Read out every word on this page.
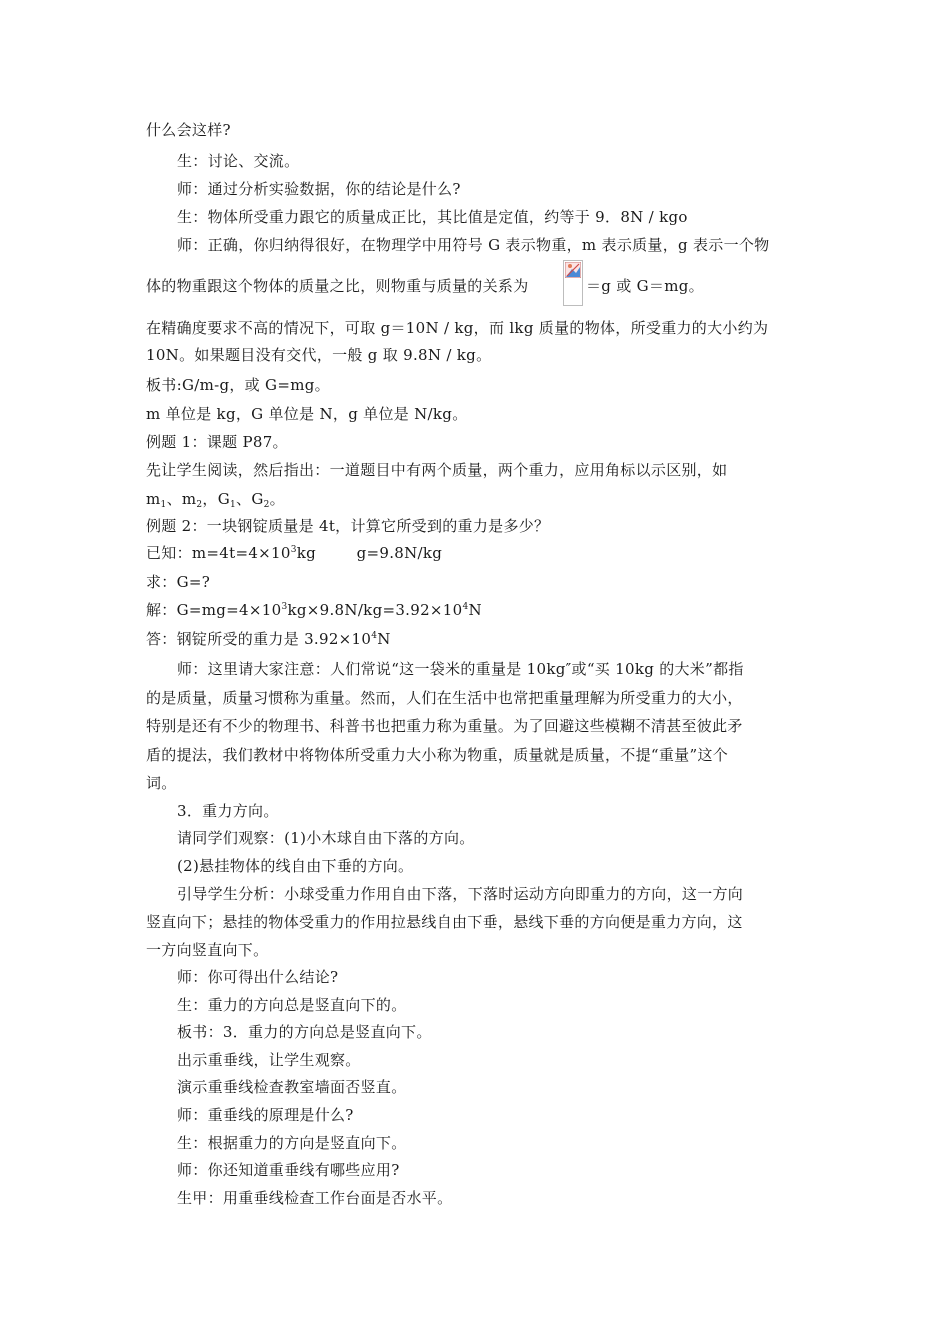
什么会这样?
生：讨论、交流。
师：通过分析实验数据，你的结论是什么?
生：物体所受重力跟它的质量成正比，其比值是定值，约等于 9．8N / kgo
师：正确，你归纳得很好，在物理学中用符号 G 表示物重，m 表示质量，g 表示一个物
体的物重跟这个物体的质量之比，则物重与质量的关系为	＝g 或 G＝mg。
在精确度要求不高的情况下，可取 g＝10N / kg，而 lkg 质量的物体，所受重力的大小约为
10N。如果题目没有交代，一般 g 取 9.8N / kg。
板书:G/m-g，或 G=mg。
m 单位是 kg，G 单位是 N，g 单位是 N/kg。
例题 1：课题 P87。
先让学生阅读，然后指出：一道题目中有两个质量，两个重力，应用角标以示区别，如
$m_1$、$m_2$，$G_1$、$G_2$。
例题 2：一块钢锭质量是 4t，计算它所受到的重力是多少？
已知：$m=4t=4\times 10^3kg$        g=9.8N/kg
求：G=?
解：$G=mg=4\times 10^3kg\times 9.8N/kg=3.92\times 10^4N$
答：钢锭所受的重力是 $3.92\times 10^4N$
师：这里请大家注意：人们常说“这一袋米的重量是 10kg″或“买 10kg 的大米”都指
的是质量，质量习惯称为重量。然而，人们在生活中也常把重量理解为所受重力的大小，
特别是还有不少的物理书、科普书也把重力称为重量。为了回避这些模糊不清甚至彼此矛
盾的提法，我们教材中将物体所受重力大小称为物重，质量就是质量，不提“重量”这个
词。
3．重力方向。
请同学们观察：(1)小木球自由下落的方向。
(2)悬挂物体的线自由下垂的方向。
引导学生分析：小球受重力作用自由下落，下落时运动方向即重力的方向，这一方向
竖直向下；悬挂的物体受重力的作用拉悬线自由下垂，悬线下垂的方向便是重力方向，这
一方向竖直向下。
师：你可得出什么结论?
生：重力的方向总是竖直向下的。
板书：3．重力的方向总是竖直向下。
出示重垂线，让学生观察。
演示重垂线检查教室墙面否竖直。
师：重垂线的原理是什么?
生：根据重力的方向是竖直向下。
师：你还知道重垂线有哪些应用?
生甲：用重垂线检查工作台面是否水平。
